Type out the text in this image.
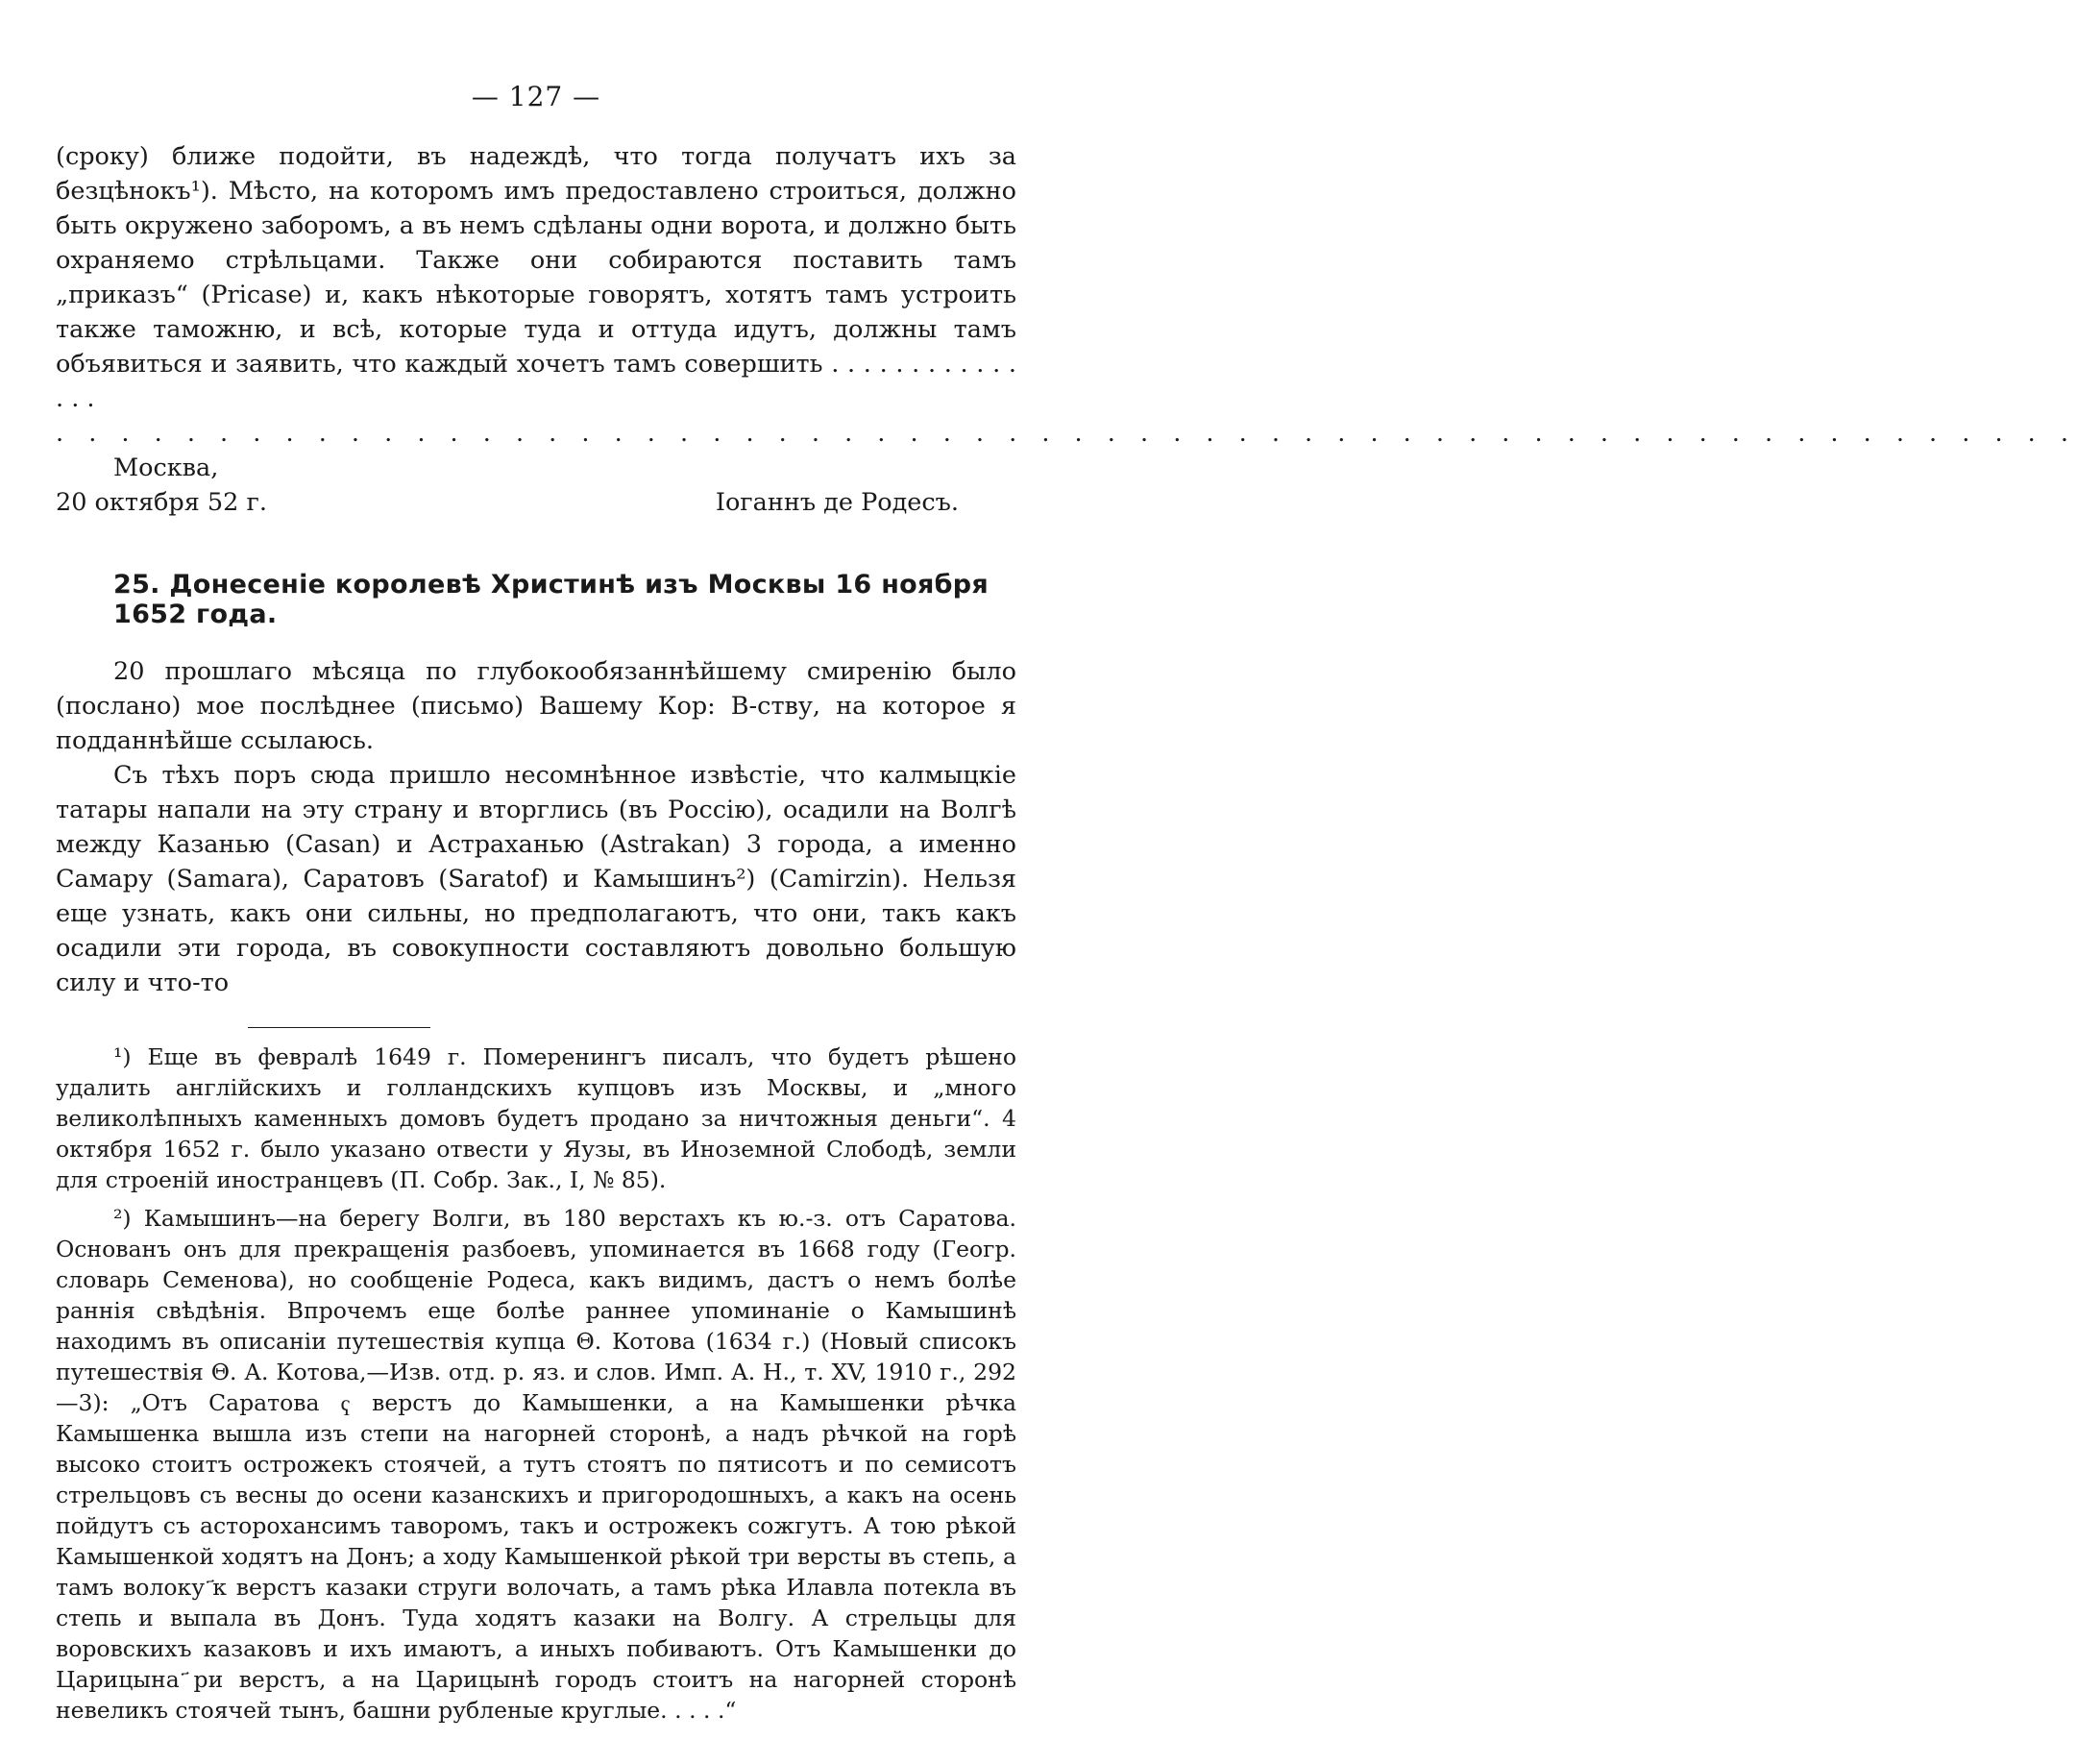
— 127 —

(сроку) ближе подойти, въ надеждѣ, что тогда получатъ ихъ за безцѣнокъ¹). Мѣсто, на которомъ имъ предоставлено строиться, должно быть окружено заборомъ, а въ немъ сдѣланы одни ворота, и должно быть охраняемо стрѣльцами. Также они собираются поставить тамъ „приказъ“ (Pricase) и, какъ нѣкоторые говорятъ, хотятъ тамъ устроить также таможню, и всѣ, которые туда и оттуда идутъ, должны тамъ объявиться и заявить, что каждый хочетъ тамъ совершить . . . . . . . . . . . . . . .

. . . . . . . . . . . . . . . . . . . . . . . . . . . . . . . . . . . . . . . . . . . . . . . . . . . . . . . . . . . . . .
Москва,
20 октября 52 г.	Іоганнъ де Родесъ.
25. Донесеніе королевѣ Христинѣ изъ Москвы 16 ноября 1652 года.

20 прошлаго мѣсяца по глубокообязаннѣйшему смиренію было (послано) мое послѣднее (письмо) Вашему Кор: В-ству, на которое я подданнѣйше ссылаюсь.

Съ тѣхъ поръ сюда пришло несомнѣнное извѣстіе, что калмыцкіе татары напали на эту страну и вторглись (въ Россію), осадили на Волгѣ между Казанью (Casan) и Астраханью (Astrakan) 3 города, а именно Самару (Samara), Саратовъ (Saratof) и Камышинъ²) (Camirzin). Нельзя еще узнать, какъ они сильны, но предполагаютъ, что они, такъ какъ осадили эти города, въ совокупности составляютъ довольно большую силу и что-то

¹) Еще въ февралѣ 1649 г. Померенингъ писалъ, что будетъ рѣшено удалить англійскихъ и голландскихъ купцовъ изъ Москвы, и „много великолѣпныхъ каменныхъ домовъ будетъ продано за ничтожныя деньги“. 4 октября 1652 г. было указано отвести у Яузы, въ Иноземной Слободѣ, земли для строеній иностранцевъ (П. Собр. Зак., I, № 85).

²) Камышинъ—на берегу Волги, въ 180 верстахъ къ ю.-з. отъ Саратова. Основанъ онъ для прекращенія разбоевъ, упоминается въ 1668 году (Геогр. словарь Семенова), но сообщеніе Родеса, какъ видимъ, дастъ о немъ болѣе раннія свѣдѣнія. Впрочемъ еще болѣе раннее упоминаніе о Камышинѣ находимъ въ описаніи путешествія купца Θ. Котова (1634 г.) (Новый списокъ путешествія Θ. А. Котова,—Изв. отд. р. яз. и слов. Имп. А. Н., т. XV, 1910 г., 292—3): „Отъ Саратова ҁ верстъ до Камышенки, а на Камышенки рѣчка Камышенка вышла изъ степи на нагорней сторонѣ, а надъ рѣчкой на горѣ высоко стоитъ острожекъ стоячей, а тутъ стоятъ по пятисотъ и по семисотъ стрельцовъ съ весны до осени казанскихъ и пригородошныхъ, а какъ на осень пойдутъ съ асторохансимъ таворомъ, такъ и острожекъ сожгутъ. А тою рѣкой Камышенкой ходятъ на Донъ; а ходу Камышенкой рѣкой три версты въ степь, а тамъ волоку ҃к верстъ казаки струги волочать, а тамъ рѣка Илавла потекла въ степь и выпала въ Донъ. Туда ходятъ казаки на Волгу. А стрельцы для воровскихъ казаковъ и ихъ имаютъ, а иныхъ побиваютъ. Отъ Камышенки до Царицына ҃ри верстъ, а на Царицынѣ городъ стоитъ на нагорней сторонѣ невеликъ стоячей тынъ, башни рубленые круглые. . . . .“
